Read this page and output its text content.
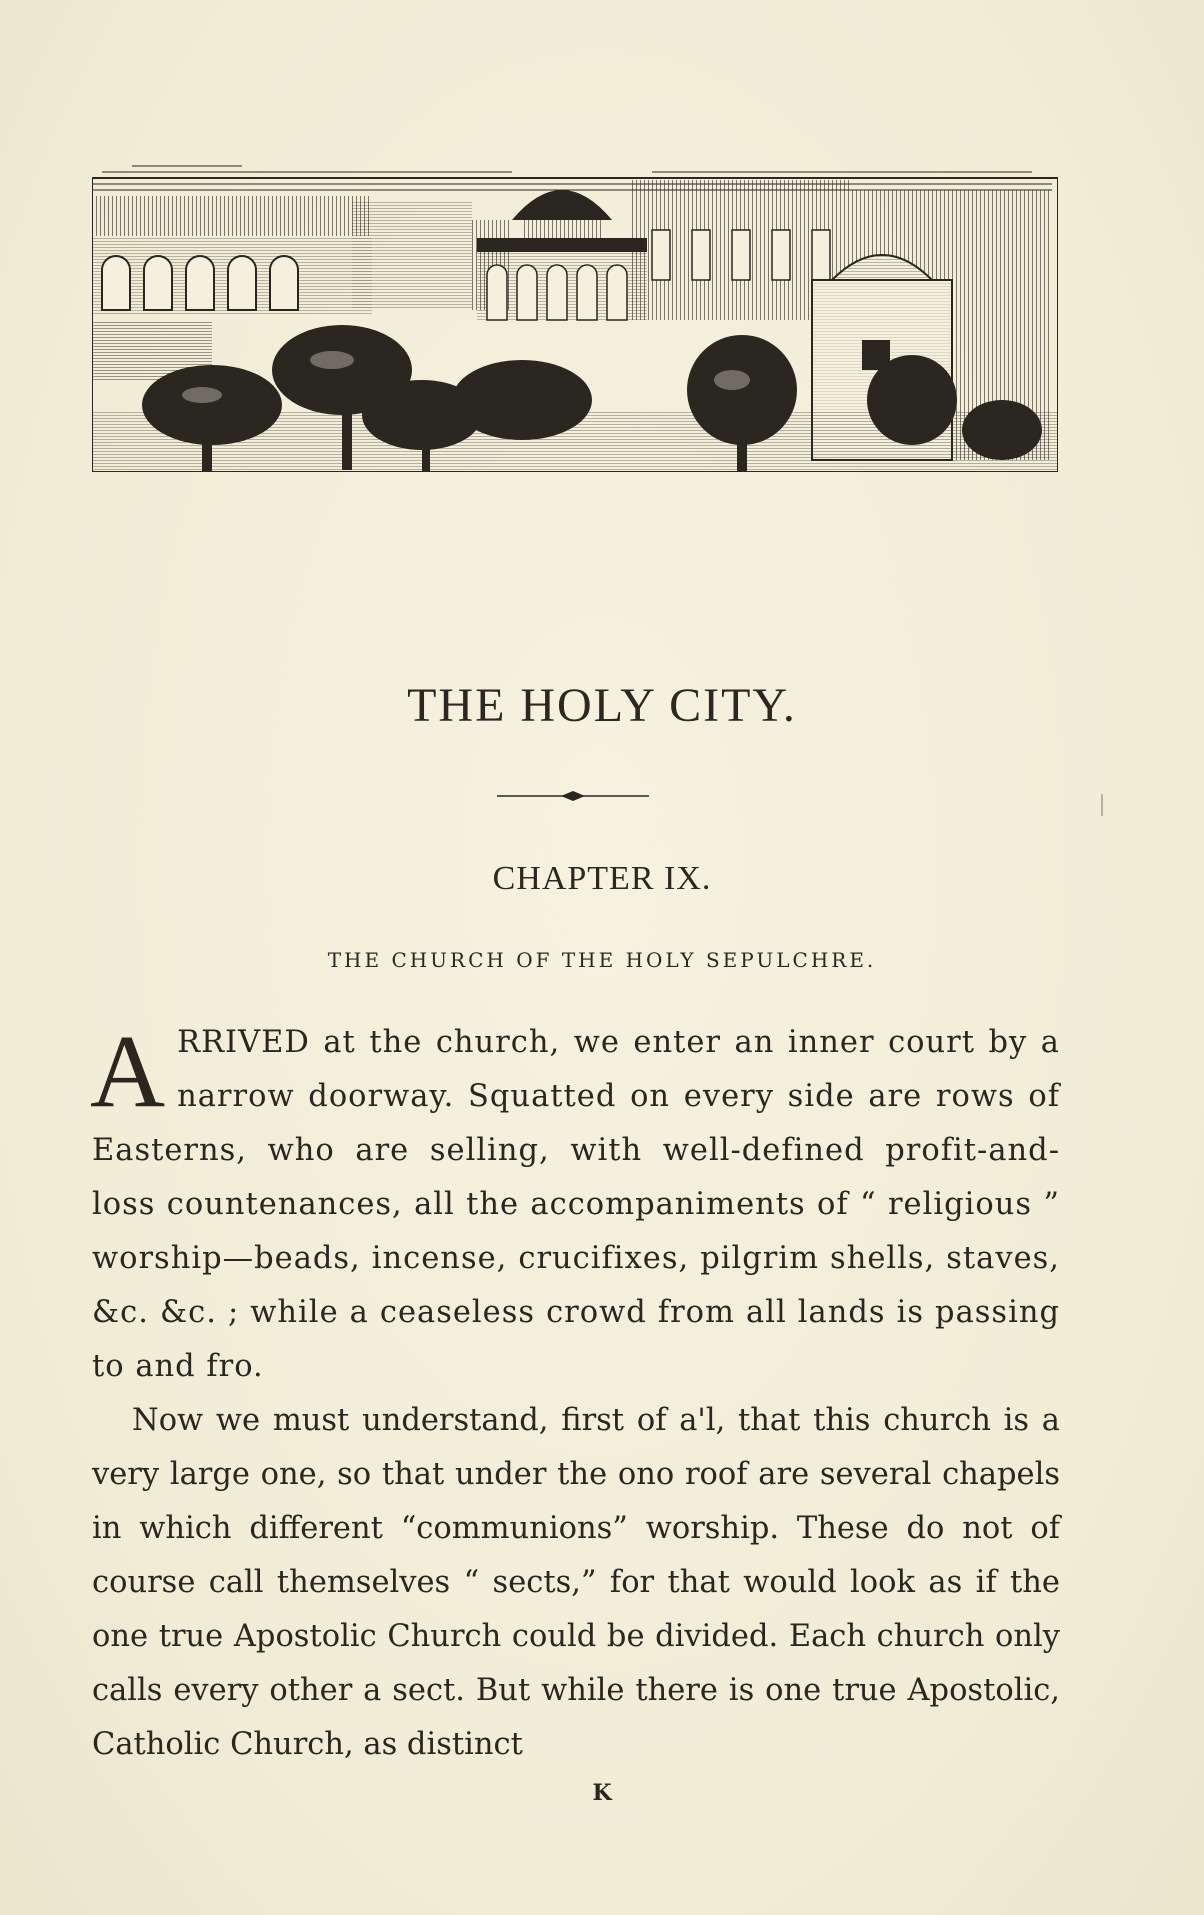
THE HOLY CITY.
CHAPTER IX.
THE CHURCH OF THE HOLY SEPULCHRE.

ARRIVED at the church, we enter an inner court by a narrow doorway. Squatted on every side are rows of Easterns, who are selling, with well-defined profit-and-loss countenances, all the accompaniments of “ religious ” worship—beads, incense, crucifixes, pilgrim shells, staves, &c. &c. ; while a ceaseless crowd from all lands is passing to and fro.

Now we must understand, first of a'l, that this church is a very large one, so that under the ono roof are several chapels in which different “communions” worship. These do not of course call themselves “ sects,” for that would look as if the one true Apostolic Church could be divided. Each church only calls every other a sect. But while there is one true Apostolic, Catholic Church, as distinct

K
